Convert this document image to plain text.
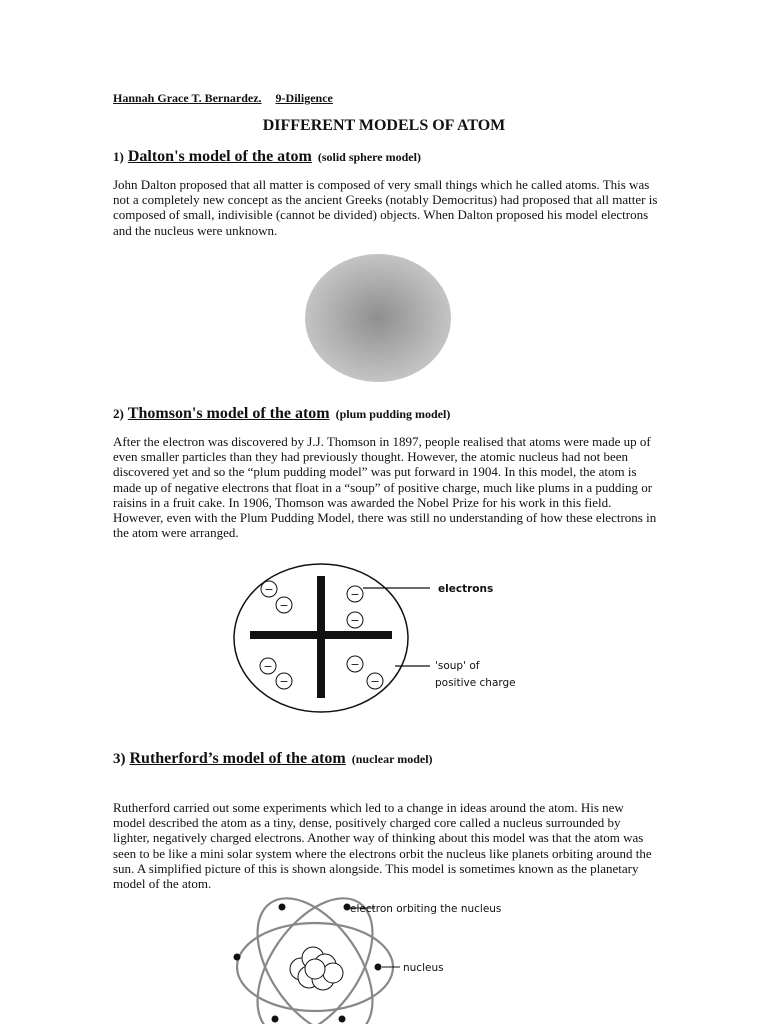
Hannah Grace T. Bernardez. 9-Diligence
DIFFERENT MODELS OF ATOM
1) Dalton's model of the atom (solid sphere model)

John Dalton proposed that all matter is composed of very small things which he called atoms. This was not a completely new concept as the ancient Greeks (notably Democritus) had proposed that all matter is composed of small, indivisible (cannot be divided) objects. When Dalton proposed his model electrons and the nucleus were unknown.

2) Thomson's model of the atom (plum pudding model)

After the electron was discovered by J.J. Thomson in 1897, people realised that atoms were made up of even smaller particles than they had previously thought. However, the atomic nucleus had not been discovered yet and so the “plum pudding model” was put forward in 1904. In this model, the atom is made up of negative electrons that float in a “soup” of positive charge, much like plums in a pudding or raisins in a fruit cake. In 1906, Thomson was awarded the Nobel Prize for his work in this field. However, even with the Plum Pudding Model, there was still no understanding of how these electrons in the atom were arranged.

−
−
−
−
−
−
−
−
electrons
'soup' of
positive charge
3) Rutherford’s model of the atom (nuclear model)

Rutherford carried out some experiments which led to a change in ideas around the atom. His new model described the atom as a tiny, dense, positively charged core called a nucleus surrounded by lighter, negatively charged electrons. Another way of thinking about this model was that the atom was seen to be like a mini solar system where the electrons orbit the nucleus like planets orbiting around the sun. A simplified picture of this is shown alongside. This model is sometimes known as the planetary model of the atom.

electron orbiting the nucleus
nucleus
